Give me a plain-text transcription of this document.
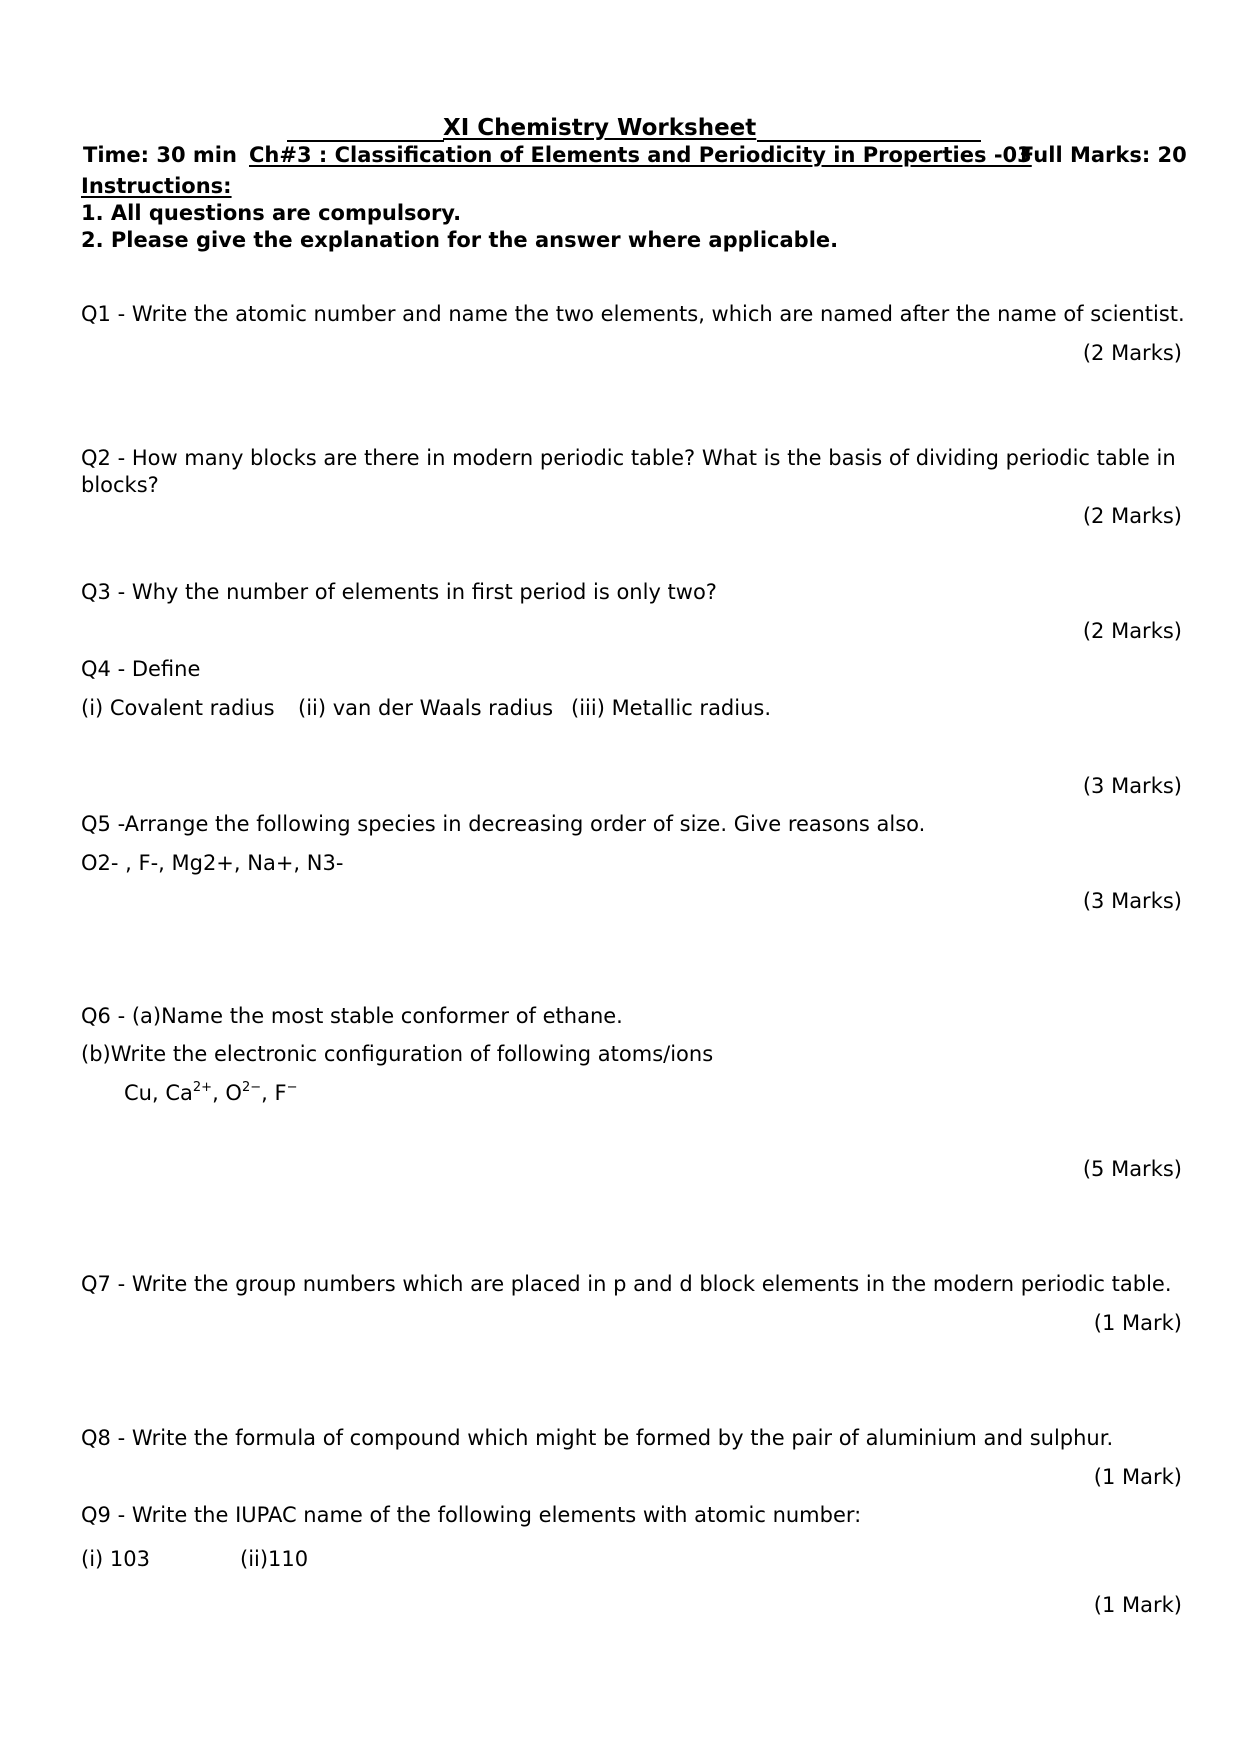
XI Chemistry Worksheet
Time: 30 min Ch#3 : Classification of Elements and Periodicity in Properties -03
Full Marks: 20
Instructions:
1. All questions are compulsory.
2. Please give the explanation for the answer where applicable.
Q1 - Write the atomic number and name the two elements, which are named after the name of scientist.
(2 Marks)
Q2 - How many blocks are there in modern periodic table? What is the basis of dividing periodic table in
blocks?
(2 Marks)
Q3 - Why the number of elements in first period is only two?
(2 Marks)
Q4 - Define
(i) Covalent radius (ii) van der Waals radius (iii) Metallic radius.
(3 Marks)
Q5 -Arrange the following species in decreasing order of size. Give reasons also.
O2- , F-, Mg2+, Na+, N3-
(3 Marks)
Q6 - (a)Name the most stable conformer of ethane.
(b)Write the electronic configuration of following atoms/ions
Cu, $Ca^{2+}$, $O^{2-}$, F−
(5 Marks)
Q7 - Write the group numbers which are placed in p and d block elements in the modern periodic table.
(1 Mark)
Q8 - Write the formula of compound which might be formed by the pair of aluminium and sulphur.
(1 Mark)
Q9 - Write the IUPAC name of the following elements with atomic number:
(i) 103	(ii)110
(1 Mark)
